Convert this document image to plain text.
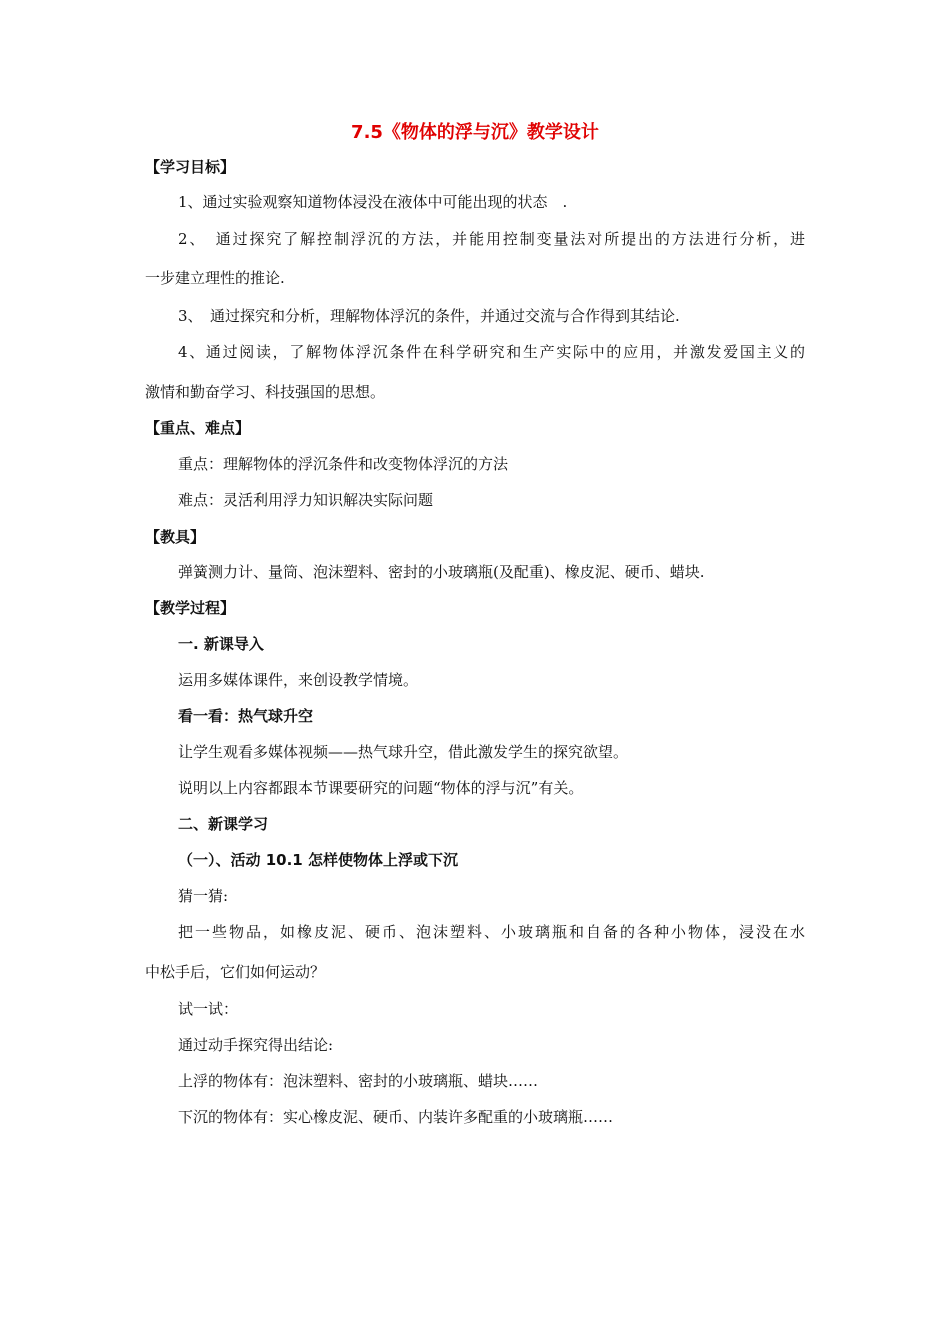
7.5《物体的浮与沉》教学设计
【学习目标】
1、通过实验观察知道物体浸没在液体中可能出现的状态　.
2、　通过探究了解控制浮沉的方法，并能用控制变量法对所提出的方法进行分析，进
一步建立理性的推论.
3、　通过探究和分析，理解物体浮沉的条件，并通过交流与合作得到其结论.
4、通过阅读，了解物体浮沉条件在科学研究和生产实际中的应用，并激发爱国主义的
激情和勤奋学习、科技强国的思想。
【重点、难点】
重点：理解物体的浮沉条件和改变物体浮沉的方法
难点：灵活利用浮力知识解决实际问题
【教具】
弹簧测力计、量筒、泡沫塑料、密封的小玻璃瓶(及配重)、橡皮泥、硬币、蜡块.
【教学过程】
一. 新课导入
运用多媒体课件，来创设教学情境。
看一看：热气球升空
让学生观看多媒体视频——热气球升空，借此激发学生的探究欲望。
说明以上内容都跟本节课要研究的问题“物体的浮与沉”有关。
二、新课学习
（一）、活动 10.1 怎样使物体上浮或下沉
猜一猜:
把一些物品，如橡皮泥、硬币、泡沫塑料、小玻璃瓶和自备的各种小物体，浸没在水
中松手后，它们如何运动？
试一试：
通过动手探究得出结论:
上浮的物体有：泡沫塑料、密封的小玻璃瓶、蜡块……
下沉的物体有：实心橡皮泥、硬币、内装许多配重的小玻璃瓶……
